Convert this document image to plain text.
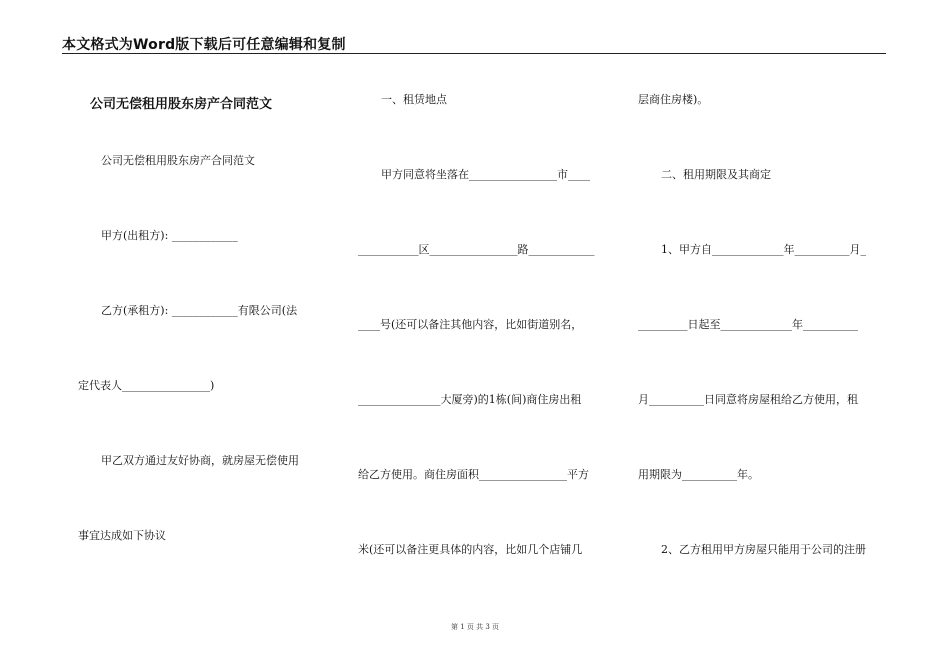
本文格式为Word版下载后可任意编辑和复制
公司无偿租用股东房产合同范文
公司无偿租用股东房产合同范文
甲方(出租方): ____________
乙方(承租方): ____________有限公司(法
定代表人________________)
甲乙双方通过友好协商，就房屋无偿使用
事宜达成如下协议
一、租赁地点
甲方同意将坐落在________________市____
___________区________________路____________
____号(还可以备注其他内容，比如街道别名，
_______________大厦旁)的1栋(间)商住房出租
给乙方使用。商住房面积________________平方
米(还可以备注更具体的内容，比如几个店铺几
层商住房楼)。
二、租用期限及其商定
1、甲方自_____________年__________月_
_________日起至_____________年__________
月__________日同意将房屋租给乙方使用，租
用期限为__________年。
2、乙方租用甲方房屋只能用于公司的注册
第 1 页 共 3 页
